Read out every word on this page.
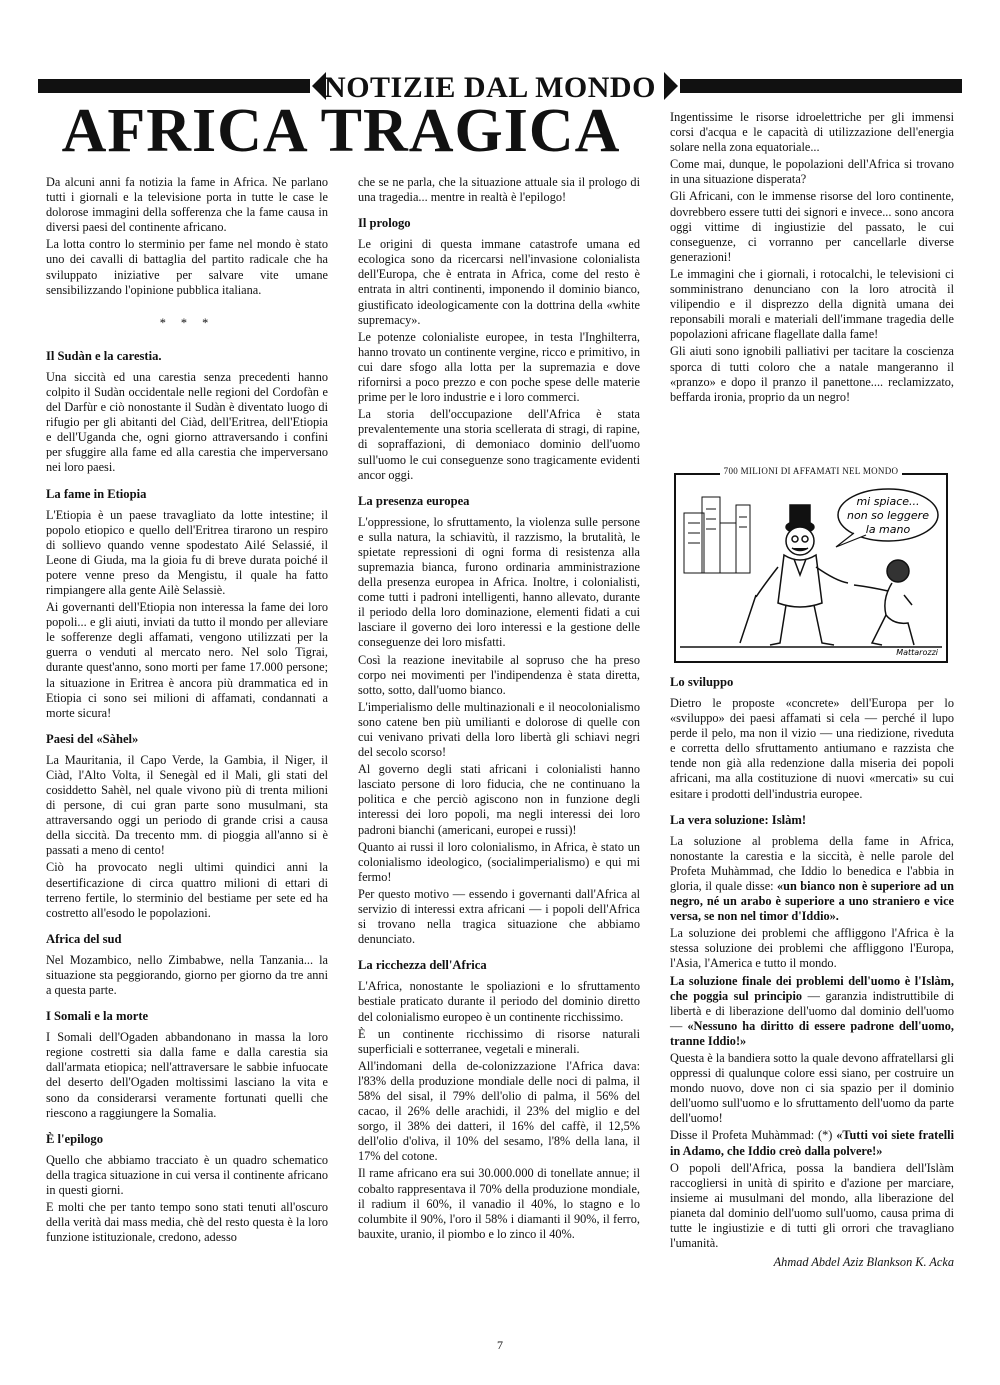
NOTIZIE DAL MONDO
AFRICA TRAGICA

Da alcuni anni fa notizia la fame in Africa. Ne parlano tutti i giornali e la televisione porta in tutte le case le dolorose immagini della sofferenza che la fame causa in diversi paesi del continente africano.

La lotta contro lo sterminio per fame nel mondo è stato uno dei cavalli di battaglia del partito radicale che ha sviluppato iniziative per salvare vite umane sensibilizzando l'opinione pubblica italiana.

* * *
Il Sudàn e la carestia.

Una siccità ed una carestia senza precedenti hanno colpito il Sudàn occidentale nelle regioni del Cordofàn e del Darfùr e ciò nonostante il Sudàn è diventato luogo di rifugio per gli abitanti del Ciàd, dell'Eritrea, dell'Etiopia e dell'Uganda che, ogni giorno attraversando i confini per sfuggire alla fame ed alla carestia che imperversano nei loro paesi.

La fame in Etiopia

L'Etiopia è un paese travagliato da lotte intestine; il popolo etiopico e quello dell'Eritrea tirarono un respiro di sollievo quando venne spodestato Ailé Selassié, il Leone di Giuda, ma la gioia fu di breve durata poiché il potere venne preso da Mengistu, il quale ha fatto rimpiangere alla gente Ailè Selassiè.

Ai governanti dell'Etiopia non interessa la fame dei loro popoli... e gli aiuti, inviati da tutto il mondo per alleviare le sofferenze degli affamati, vengono utilizzati per la guerra o venduti al mercato nero. Nel solo Tigrai, durante quest'anno, sono morti per fame 17.000 persone; la situazione in Eritrea è ancora più drammatica ed in Etiopia ci sono sei milioni di affamati, condannati a morte sicura!

Paesi del «Sàhel»

La Mauritania, il Capo Verde, la Gambia, il Niger, il Ciàd, l'Alto Volta, il Senegàl ed il Mali, gli stati del cosiddetto Sahèl, nel quale vivono più di trenta milioni di persone, di cui gran parte sono musulmani, sta attraversando oggi un periodo di grande crisi a causa della siccità. Da trecento mm. di pioggia all'anno si è passati a meno di cento!

Ciò ha provocato negli ultimi quindici anni la desertificazione di circa quattro milioni di ettari di terreno fertile, lo sterminio del bestiame per sete ed ha costretto all'esodo le popolazioni.

Africa del sud

Nel Mozambico, nello Zimbabwe, nella Tanzania... la situazione sta peggiorando, giorno per giorno da tre anni a questa parte.

I Somali e la morte

I Somali dell'Ogaden abbandonano in massa la loro regione costretti sia dalla fame e dalla carestia sia dall'armata etiopica; nell'attraversare le sabbie infuocate del deserto dell'Ogaden moltissimi lasciano la vita e sono da considerarsi veramente fortunati quelli che riescono a raggiungere la Somalia.

È l'epilogo

Quello che abbiamo tracciato è un quadro schematico della tragica situazione in cui versa il continente africano in questi giorni.

E molti che per tanto tempo sono stati tenuti all'oscuro della verità dai mass media, chè del resto questa è la loro funzione istituzionale, credono, adesso

che se ne parla, che la situazione attuale sia il prologo di una tragedia... mentre in realtà è l'epilogo!

Il prologo

Le origini di questa immane catastrofe umana ed ecologica sono da ricercarsi nell'invasione colonialista dell'Europa, che è entrata in Africa, come del resto è entrata in altri continenti, imponendo il dominio bianco, giustificato ideologicamente con la dottrina della «white supremacy».

Le potenze colonialiste europee, in testa l'Inghilterra, hanno trovato un continente vergine, ricco e primitivo, in cui dare sfogo alla lotta per la supremazia e dove rifornirsi a poco prezzo e con poche spese delle materie prime per le loro industrie e i loro commerci.

La storia dell'occupazione dell'Africa è stata prevalentemente una storia scellerata di stragi, di rapine, di sopraffazioni, di demoniaco dominio dell'uomo sull'uomo le cui conseguenze sono tragicamente evidenti ancor oggi.

La presenza europea

L'oppressione, lo sfruttamento, la violenza sulle persone e sulla natura, la schiavitù, il razzismo, la brutalità, le spietate repressioni di ogni forma di resistenza alla supremazia bianca, furono ordinaria amministrazione della presenza europea in Africa. Inoltre, i colonialisti, come tutti i padroni intelligenti, hanno allevato, durante il periodo della loro dominazione, elementi fidati a cui lasciare il governo dei loro interessi e la gestione delle conseguenze dei loro misfatti.

Così la reazione inevitabile al sopruso che ha preso corpo nei movimenti per l'indipendenza è stata diretta, sotto, sotto, dall'uomo bianco.

L'imperialismo delle multinazionali e il neocolonialismo sono catene ben più umilianti e dolorose di quelle con cui venivano privati della loro libertà gli schiavi negri del secolo scorso!

Al governo degli stati africani i colonialisti hanno lasciato persone di loro fiducia, che ne continuano la politica e che perciò agiscono non in funzione degli interessi dei loro popoli, ma negli interessi dei loro padroni bianchi (americani, europei e russi)!

Quanto ai russi il loro colonialismo, in Africa, è stato un colonialismo ideologico, (socialimperialismo) e qui mi fermo!

Per questo motivo — essendo i governanti dall'Africa al servizio di interessi extra africani — i popoli dell'Africa si trovano nella tragica situazione che abbiamo denunciato.

La ricchezza dell'Africa

L'Africa, nonostante le spoliazioni e lo sfruttamento bestiale praticato durante il periodo del dominio diretto del colonialismo europeo è un continente ricchissimo.

È un continente ricchissimo di risorse naturali superficiali e sotterranee, vegetali e minerali.

All'indomani della de-colonizzazione l'Africa dava: l'83% della produzione mondiale delle noci di palma, il 58% del sisal, il 79% dell'olio di palma, il 56% del cacao, il 26% delle arachidi, il 23% del miglio e del sorgo, il 38% dei datteri, il 16% del caffè, il 12,5% dell'olio d'oliva, il 10% del sesamo, l'8% della lana, il 17% del cotone.

Il rame africano era sui 30.000.000 di tonellate annue; il cobalto rappresentava il 70% della produzione mondiale, il radium il 60%, il vanadio il 40%, lo stagno e lo columbite il 90%, l'oro il 58% i diamanti il 90%, il ferro, bauxite, uranio, il piombo e lo zinco il 40%.

Ingentissime le risorse idroelettriche per gli immensi corsi d'acqua e le capacità di utilizzazione dell'energia solare nella zona equatoriale...

Come mai, dunque, le popolazioni dell'Africa si trovano in una situazione disperata?

Gli Africani, con le immense risorse del loro continente, dovrebbero essere tutti dei signori e invece... sono ancora oggi vittime di ingiustizie del passato, le cui conseguenze, ci vorranno per cancellarle diverse generazioni!

Le immagini che i giornali, i rotocalchi, le televisioni ci somministrano denunciano con la loro atrocità il vilipendio e il disprezzo della dignità umana dei reponsabili morali e materiali dell'immane tragedia delle popolazioni africane flagellate dalla fame!

Gli aiuti sono ignobili palliativi per tacitare la coscienza sporca di tutti coloro che a natale mangeranno il «pranzo» e dopo il pranzo il panettone.... reclamizzato, beffarda ironia, proprio da un negro!

700 MILIONI DI AFFAMATI NEL MONDO
mi spiace...
non so leggere
la mano
Mattarozzi
Lo sviluppo

Dietro le proposte «concrete» dell'Europa per lo «sviluppo» dei paesi affamati si cela — perché il lupo perde il pelo, ma non il vizio — una riedizione, riveduta e corretta dello sfruttamento antiumano e razzista che tende non già alla redenzione dalla miseria dei popoli africani, ma alla costituzione di nuovi «mercati» su cui esitare i prodotti dell'industria europee.

La vera soluzione: Islàm!

La soluzione al problema della fame in Africa, nonostante la carestia e la siccità, è nelle parole del Profeta Muhàmmad, che Iddio lo benedica e l'abbia in gloria, il quale disse: «un bianco non è superiore ad un negro, né un arabo è superiore a uno straniero e vice versa, se non nel timor d'Iddio».

La soluzione dei problemi che affliggono l'Africa è la stessa soluzione dei problemi che affliggono l'Europa, l'Asia, l'America e tutto il mondo.

La soluzione finale dei problemi dell'uomo è l'Islàm, che poggia sul principio — garanzia indistruttibile di libertà e di liberazione dell'uomo dal dominio dell'uomo — «Nessuno ha diritto di essere padrone dell'uomo, tranne Iddio!»

Questa è la bandiera sotto la quale devono affratellarsi gli oppressi di qualunque colore essi siano, per costruire un mondo nuovo, dove non ci sia spazio per il dominio dell'uomo sull'uomo e lo sfruttamento dell'uomo da parte dell'uomo!

Disse il Profeta Muhàmmad: (*) «Tutti voi siete fratelli in Adamo, che Iddio creò dalla polvere!»

O popoli dell'Africa, possa la bandiera dell'Islàm raccogliersi in unità di spirito e d'azione per marciare, insieme ai musulmani del mondo, alla liberazione del pianeta dal dominio dell'uomo sull'uomo, causa prima di tutte le ingiustizie e di tutti gli orrori che travagliano l'umanità.

Ahmad Abdel Aziz Blankson K. Acka
7
